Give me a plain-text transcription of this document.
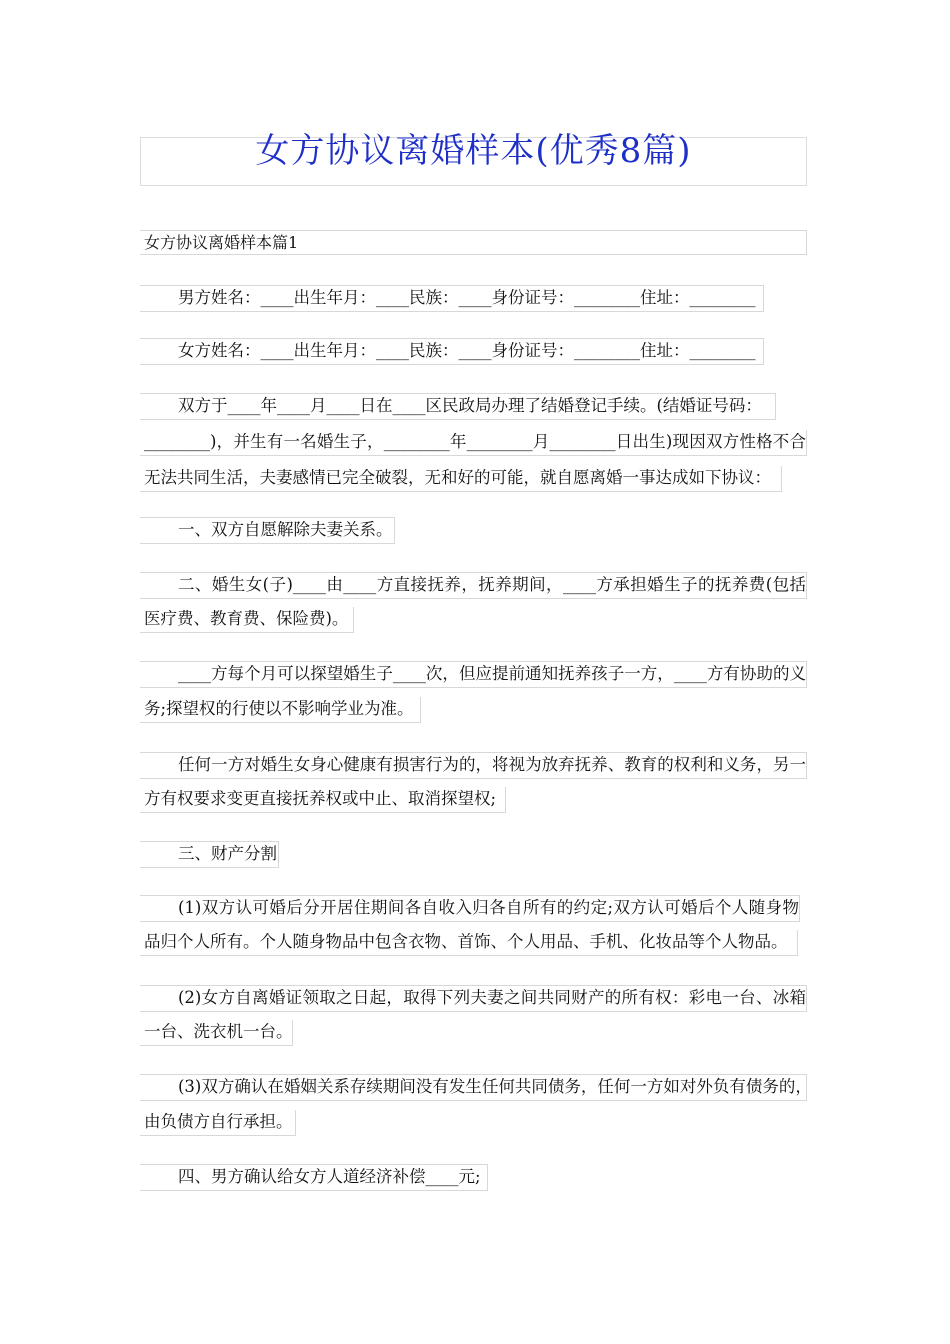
女方协议离婚样本(优秀8篇)
女方协议离婚样本篇1
男方姓名：____出生年月：____民族：____身份证号：________住址：________
女方姓名：____出生年月：____民族：____身份证号：________住址：________
双方于____年____月____日在____区民政局办理了结婚登记手续。(结婚证号码：
________)，并生有一名婚生子，________年________月________日出生)现因双方性格不合
无法共同生活，夫妻感情已完全破裂，无和好的可能，就自愿离婚一事达成如下协议：
一、双方自愿解除夫妻关系。
二、婚生女(子)____由____方直接抚养，抚养期间，____方承担婚生子的抚养费(包括
医疗费、教育费、保险费)。
____方每个月可以探望婚生子____次，但应提前通知抚养孩子一方，____方有协助的义
务;探望权的行使以不影响学业为准。
任何一方对婚生女身心健康有损害行为的，将视为放弃抚养、教育的权利和义务，另一
方有权要求变更直接抚养权或中止、取消探望权;
三、财产分割
(1)双方认可婚后分开居住期间各自收入归各自所有的约定;双方认可婚后个人随身物
品归个人所有。个人随身物品中包含衣物、首饰、个人用品、手机、化妆品等个人物品。
(2)女方自离婚证领取之日起，取得下列夫妻之间共同财产的所有权：彩电一台、冰箱
一台、洗衣机一台。
(3)双方确认在婚姻关系存续期间没有发生任何共同债务，任何一方如对外负有债务的，
由负债方自行承担。
四、男方确认给女方人道经济补偿____元;
